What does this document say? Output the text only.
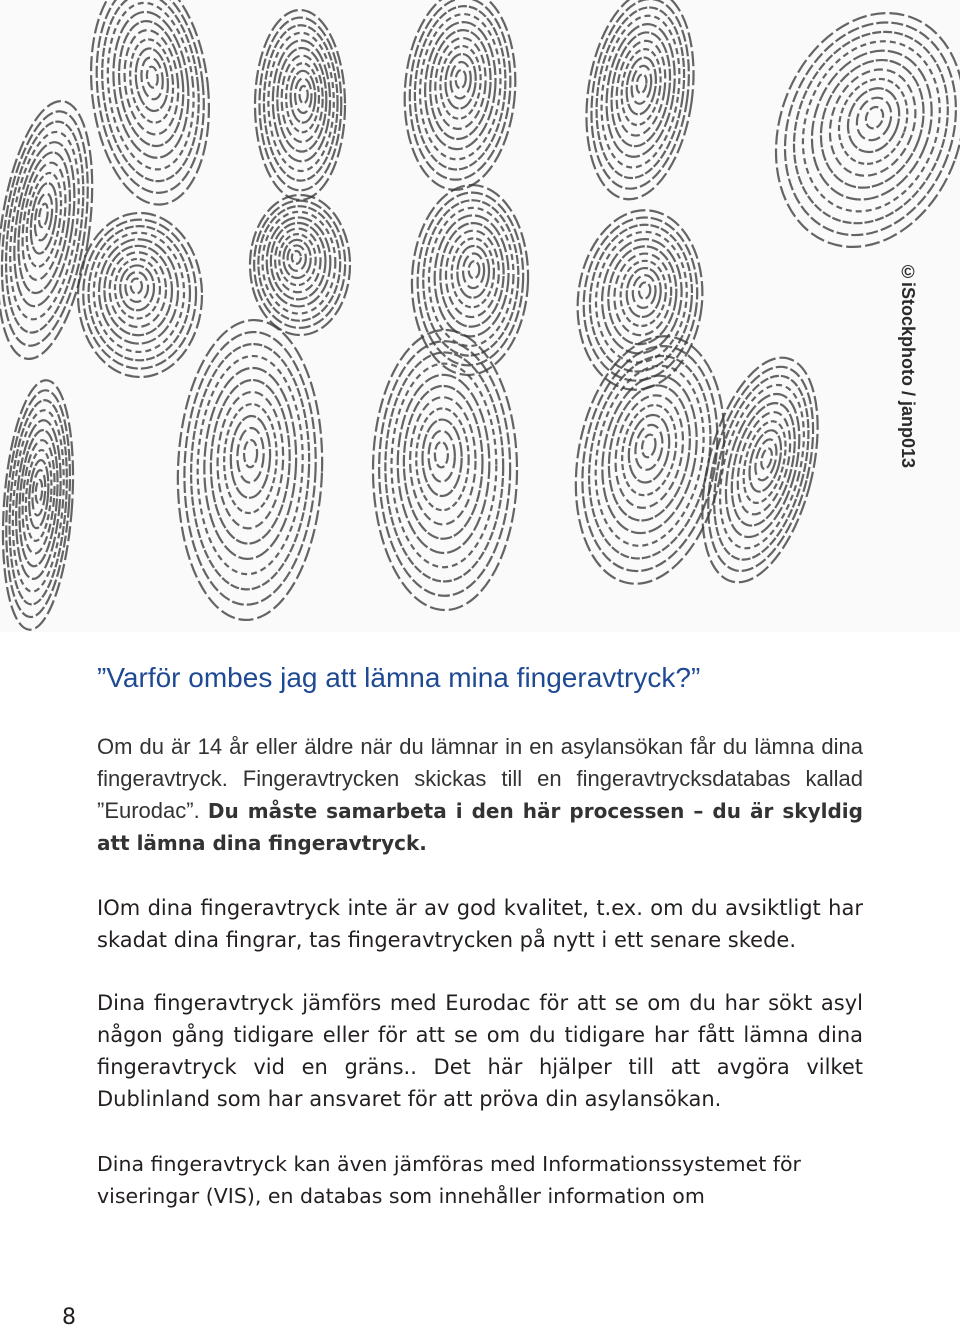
©iStockphoto / janp013
”Varför ombes jag att lämna mina fingeravtryck?”

Om du är 14 år eller äldre när du lämnar in en asylansökan får du lämna dina fingeravtryck. Fingeravtrycken skickas till en fingeravtrycksdatabas kallad ”Eurodac”. Du måste samarbeta i den här processen – du är skyldig att lämna dina fingeravtryck.

IOm dina fingeravtryck inte är av god kvalitet, t.ex. om du avsiktligt har skadat dina fingrar, tas fingeravtrycken på nytt i ett senare skede.

Dina fingeravtryck jämförs med Eurodac för att se om du har sökt asyl någon gång tidigare eller för att se om du tidigare har fått lämna dina fingeravtryck vid en gräns.. Det här hjälper till att avgöra vilket Dublinland som har ansvaret för att pröva din asylansökan.

Dina fingeravtryck kan även jämföras med Informationssystemet för viseringar (VIS), en databas som innehåller information om

8
